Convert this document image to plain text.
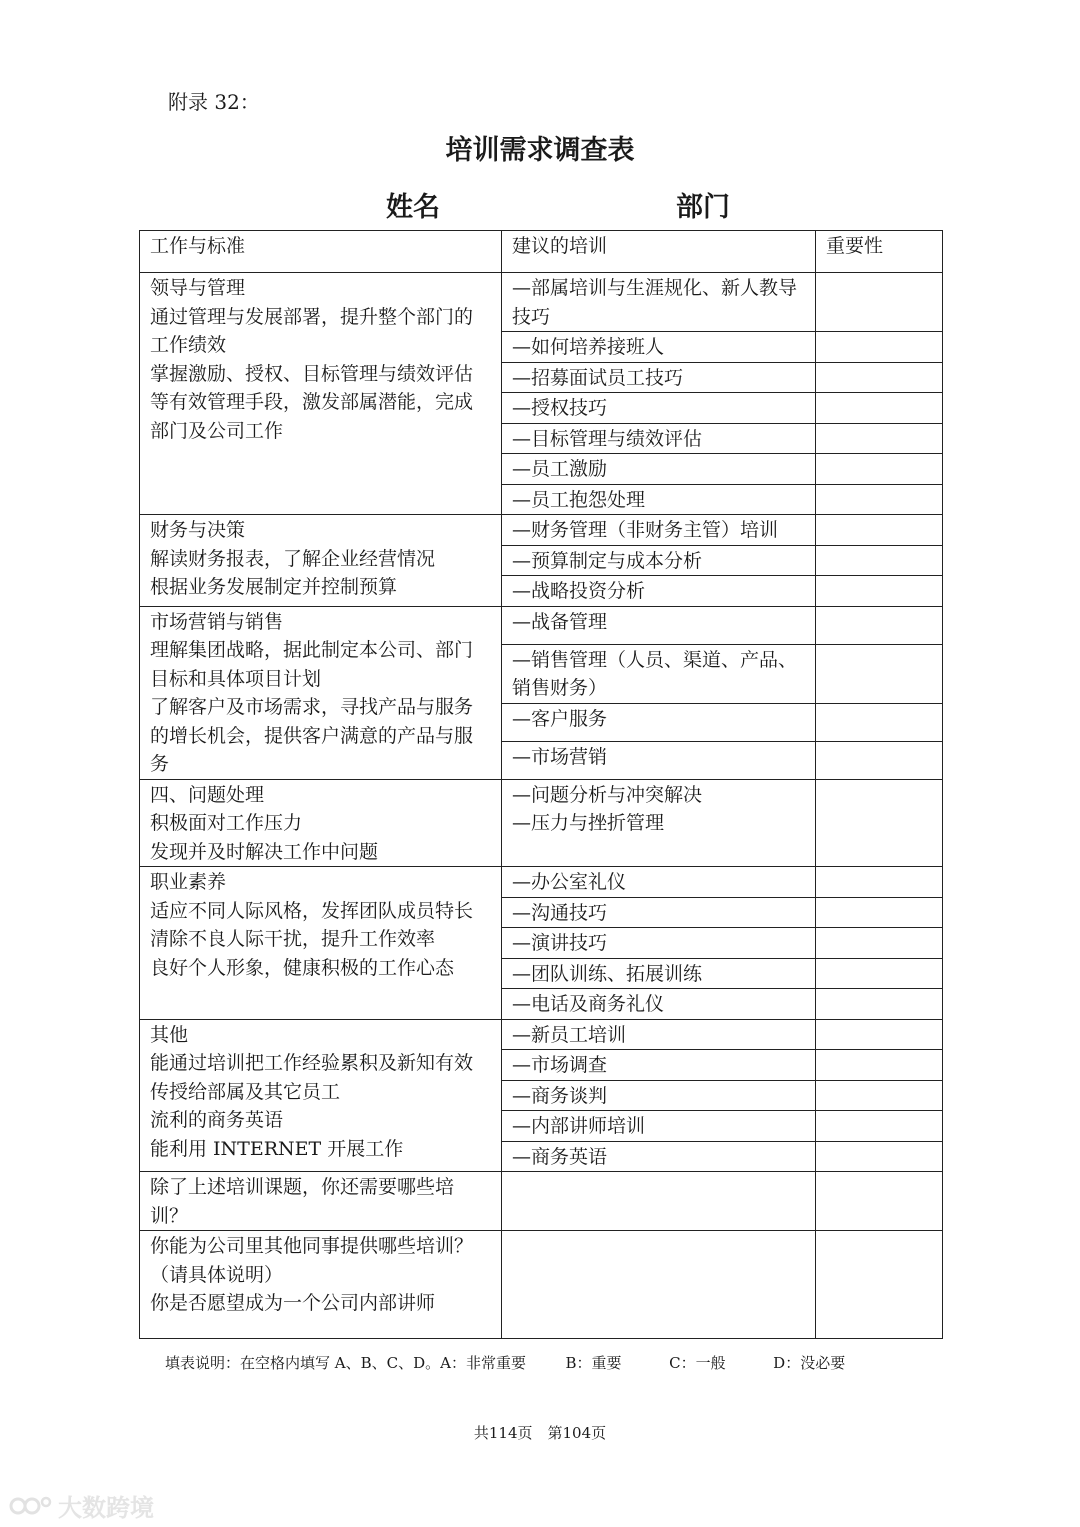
附录 32：
培训需求调查表
姓名	部门
工作与标准	建议的培训	重要性

领导与管理
通过管理与发展部署，提升整个部门的工作绩效
掌握激励、授权、目标管理与绩效评估等有效管理手段，激发部属潜能，完成部门及公司工作	—部属培训与生涯规化、新人教导技巧	
	—如何培养接班人	
	—招募面试员工技巧	
	—授权技巧	
	—目标管理与绩效评估	
	—员工激励	
	—员工抱怨处理	

财务与决策
解读财务报表，了解企业经营情况
根据业务发展制定并控制预算	—财务管理（非财务主管）培训	
	—预算制定与成本分析	
	—战略投资分析	

市场营销与销售
理解集团战略，据此制定本公司、部门目标和具体项目计划
了解客户及市场需求，寻找产品与服务的增长机会，提供客户满意的产品与服务	—战备管理	
	—销售管理（人员、渠道、产品、销售财务）	
	—客户服务	
	—市场营销	

四、问题处理
积极面对工作压力
发现并及时解决工作中问题	—问题分析与冲突解决
—压力与挫折管理	

职业素养
适应不同人际风格，发挥团队成员特长
清除不良人际干扰，提升工作效率
良好个人形象，健康积极的工作心态	—办公室礼仪	
	—沟通技巧	
	—演讲技巧	
	—团队训练、拓展训练	
	—电话及商务礼仪	

其他
能通过培训把工作经验累积及新知有效传授给部属及其它员工
流利的商务英语
能利用 INTERNET 开展工作	—新员工培训	
	—市场调查	
	—商务谈判	
	—内部讲师培训	
	—商务英语	
除了上述培训课题，你还需要哪些培训？		

你能为公司里其他同事提供哪些培训？（请具体说明）
你是否愿望成为一个公司内部讲师		

填表说明：在空格内填写 A、B、C、D。A：非常重要	B：重要	C：一般	D：没必要
共114页　第104页
大数跨境
